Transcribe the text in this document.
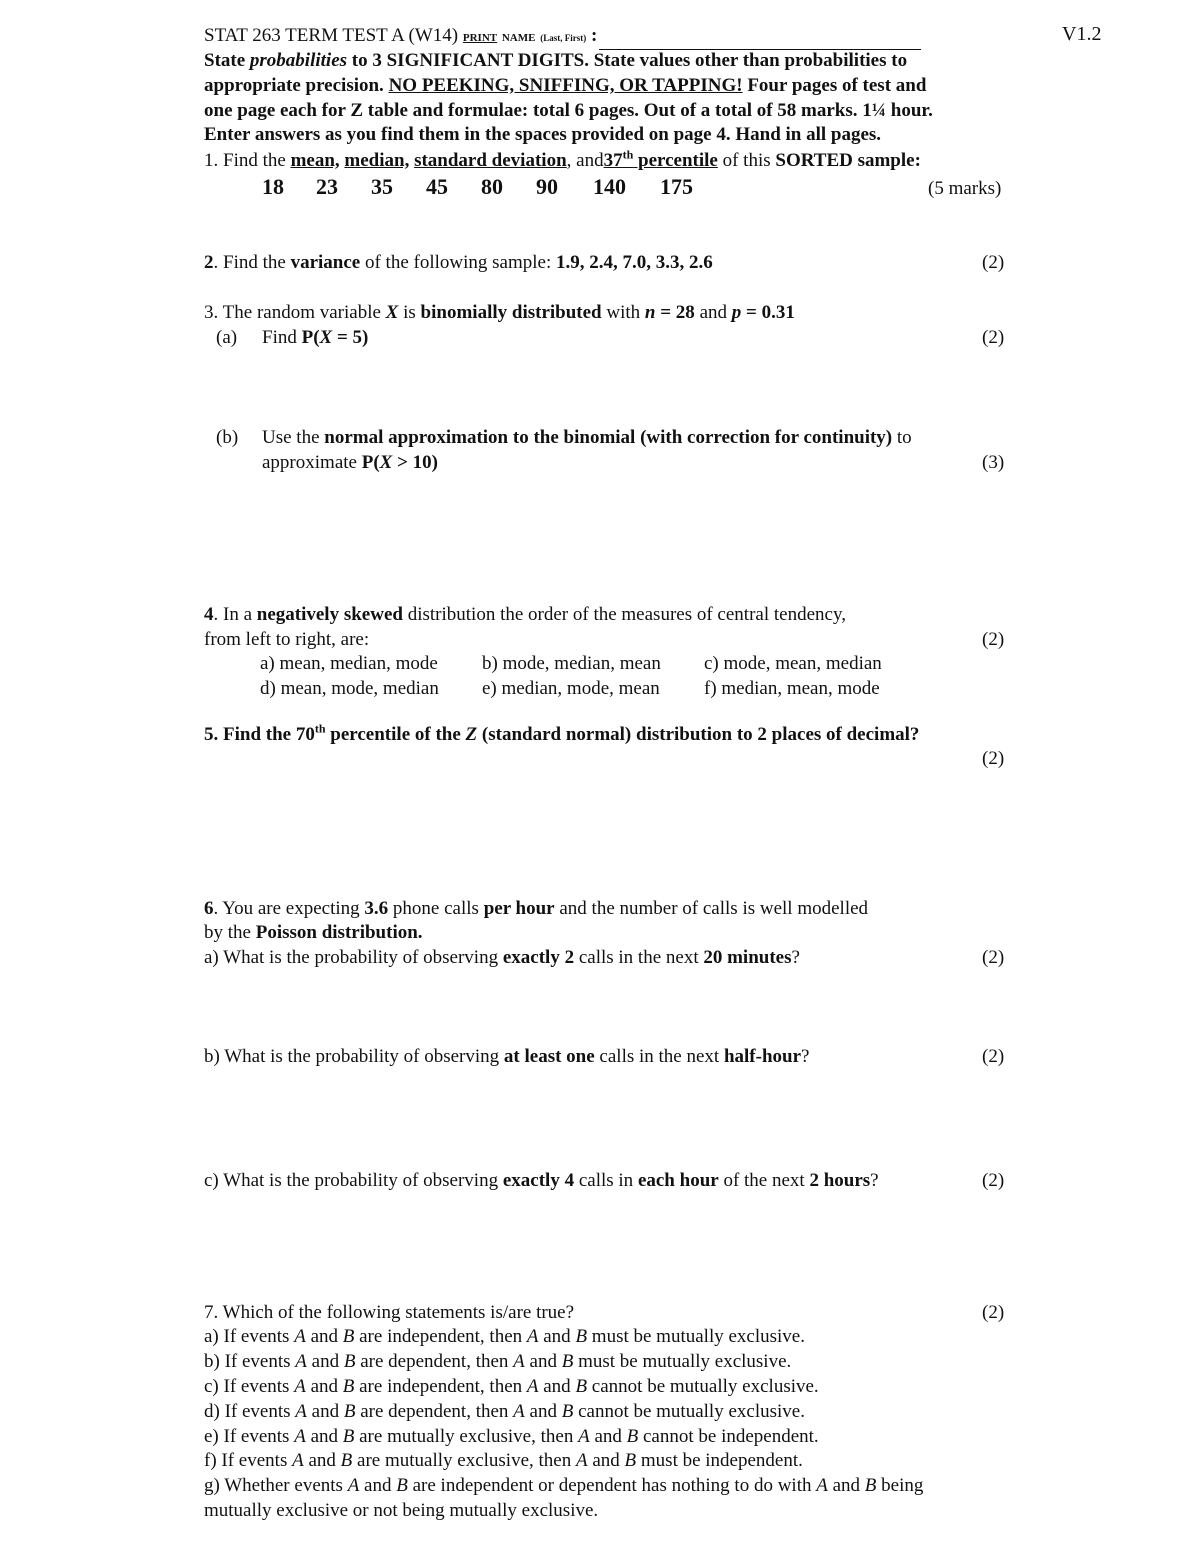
STAT 263 TERM TEST A (W14) PRINT NAME (Last, First) :	V1.2
State probabilities to 3 SIGNIFICANT DIGITS. State values other than probabilities to
appropriate precision. NO PEEKING, SNIFFING, OR TAPPING! Four pages of test and
one page each for Z table and formulae: total 6 pages. Out of a total of 58 marks. 1¼ hour.
Enter answers as you find them in the spaces provided on page 4. Hand in all pages.
1. Find the mean, median, standard deviation, and37th percentile of this SORTED sample:
18 23 35 45 80 90 140 175	(5 marks)
2. Find the variance of the following sample: 1.9, 2.4, 7.0, 3.3, 2.6	(2)
3. The random variable X is binomially distributed with n = 28 and p = 0.31
(a) Find P(X = 5)	(2)
(b) Use the normal approximation to the binomial (with correction for continuity) to
approximate P(X > 10)	(3)
4. In a negatively skewed distribution the order of the measures of central tendency,
from left to right, are:	(2)
a) mean, median, mode b) mode, median, mean c) mode, mean, median
d) mean, mode, median e) median, mode, mean f) median, mean, mode
5. Find the 70th percentile of the Z (standard normal) distribution to 2 places of decimal?
(2)
6. You are expecting 3.6 phone calls per hour and the number of calls is well modelled
by the Poisson distribution.
a) What is the probability of observing exactly 2 calls in the next 20 minutes?	(2)
b) What is the probability of observing at least one calls in the next half-hour?	(2)
c) What is the probability of observing exactly 4 calls in each hour of the next 2 hours?	(2)
7. Which of the following statements is/are true?	(2)
a) If events A and B are independent, then A and B must be mutually exclusive.
b) If events A and B are dependent, then A and B must be mutually exclusive.
c) If events A and B are independent, then A and B cannot be mutually exclusive.
d) If events A and B are dependent, then A and B cannot be mutually exclusive.
e) If events A and B are mutually exclusive, then A and B cannot be independent.
f) If events A and B are mutually exclusive, then A and B must be independent.
g) Whether events A and B are independent or dependent has nothing to do with A and B being
mutually exclusive or not being mutually exclusive.
